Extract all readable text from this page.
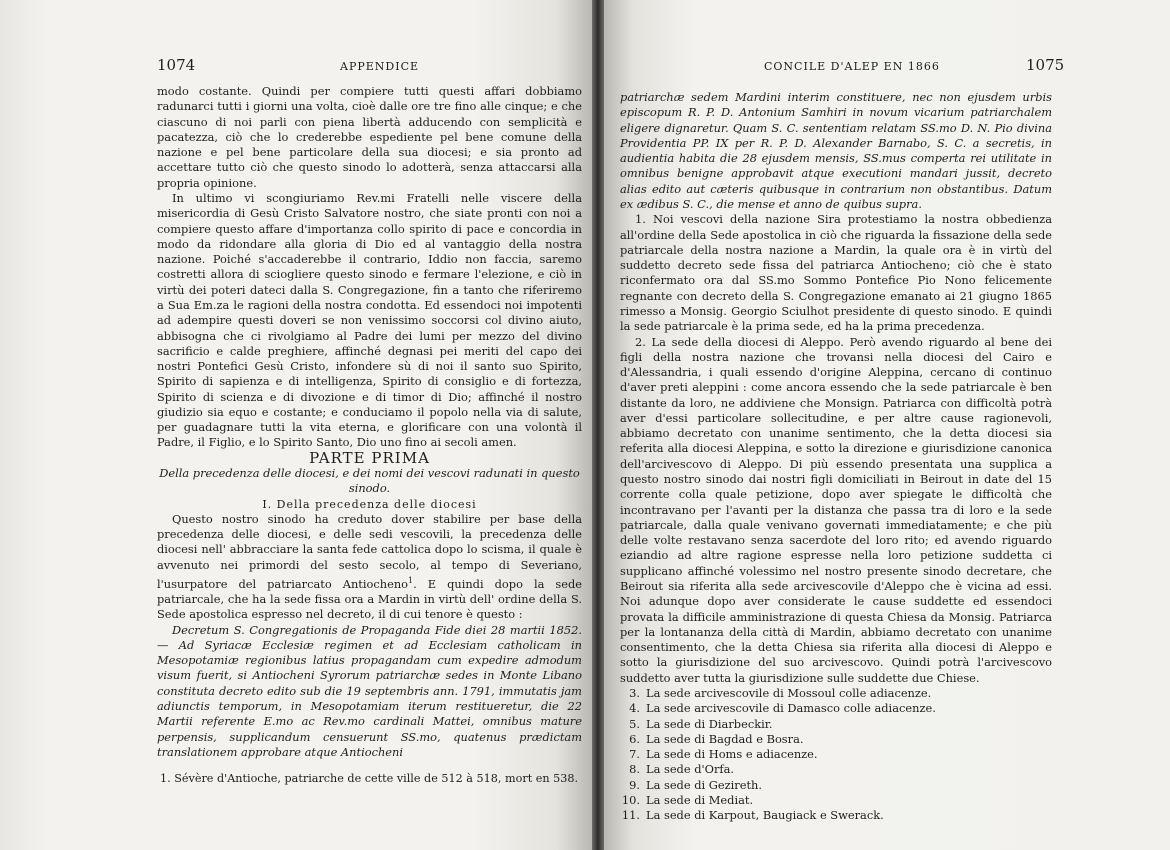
1074	APPENDICE

modo costante. Quindi per compiere tutti questi affari dobbiamo radunarci tutti i giorni una volta, cioè dalle ore tre fino alle cinque; e che ciascuno di noi parli con piena libertà adducendo con semplicità e pacatezza, ciò che lo crederebbe espediente pel bene comune della nazione e pel bene particolare della sua diocesi; e sia pronto ad accettare tutto ciò che questo sinodo lo adotterà, senza attaccarsi alla propria opinione.

In ultimo vi scongiuriamo Rev.mi Fratelli nelle viscere della misericordia di Gesù Cristo Salvatore nostro, che siate pronti con noi a compiere questo affare d'importanza collo spirito di pace e concordia in modo da ridondare alla gloria di Dio ed al vantaggio della nostra nazione. Poiché s'accaderebbe il contrario, Iddio non faccia, saremo costretti allora di sciogliere questo sinodo e fermare l'elezione, e ciò in virtù dei poteri dateci dalla S. Congregazione, fin a tanto che riferiremo a Sua Em.za le ragioni della nostra condotta. Ed essendoci noi impotenti ad adempire questi doveri se non venissimo soccorsi col divino aiuto, abbisogna che ci rivolgiamo al Padre dei lumi per mezzo del divino sacrificio e calde preghiere, affinché degnasi pei meriti del capo dei nostri Pontefici Gesù Cristo, infondere sù di noi il santo suo Spirito, Spirito di sapienza e di intelligenza, Spirito di consiglio e di fortezza, Spirito di scienza e di divozione e di timor di Dio; affinché il nostro giudizio sia equo e costante; e conduciamo il popolo nella via di salute, per guadagnare tutti la vita eterna, e glorificare con una volontà il Padre, il Figlio, e lo Spirito Santo, Dio uno fino ai secoli amen.

PARTE PRIMA

Della precedenza delle diocesi, e dei nomi dei vescovi radunati in questo sinodo.

I. Della precedenza delle diocesi

Questo nostro sinodo ha creduto dover stabilire per base della precedenza delle diocesi, e delle sedi vescovili, la precedenza delle diocesi nell' abbracciare la santa fede cattolica dopo lo scisma, il quale è avvenuto nei primordi del sesto secolo, al tempo di Severiano, l'usurpatore del patriarcato Antiocheno$^1$. E quindi dopo la sede patriarcale, che ha la sede fissa ora a Mardin in virtù dell' ordine della S. Sede apostolica espresso nel decreto, il di cui tenore è questo :

Decretum S. Congregationis de Propaganda Fide diei 28 martii 1852. — Ad Syriacæ Ecclesiæ regimen et ad Ecclesiam catholicam in Mesopotamiæ regionibus latius propagandam cum expedire admodum visum fuerit, si Antiocheni Syrorum patriarchæ sedes in Monte Libano constituta decreto edito sub die 19 septembris ann. 1791, immutatis jam adiunctis temporum, in Mesopotamiam iterum restitueretur, die 22 Martii referente E.mo ac Rev.mo cardinali Mattei, omnibus mature perpensis, supplicandum censuerunt SS.mo, quatenus prædictam translationem approbare atque Antiocheni

1. Sévère d'Antioche, patriarche de cette ville de 512 à 518, mort en 538.
CONCILE D'ALEP EN 1866	1075

patriarchæ sedem Mardini interim constituere, nec non ejusdem urbis episcopum R. P. D. Antonium Samhiri in novum vicarium patriarchalem eligere dignaretur. Quam S. C. sententiam relatam SS.mo D. N. Pio divina Providentia PP. IX per R. P. D. Alexander Barnabo, S. C. a secretis, in audientia habita die 28 ejusdem mensis, SS.mus comperta rei utilitate in omnibus benigne approbavit atque executioni mandari jussit, decreto alias edito aut cæteris quibusque in contrarium non obstantibus. Datum ex ædibus S. C., die mense et anno de quibus supra.

1. Noi vescovi della nazione Sira protestiamo la nostra obbedienza all'ordine della Sede apostolica in ciò che riguarda la fissazione della sede patriarcale della nostra nazione a Mardin, la quale ora è in virtù del suddetto decreto sede fissa del patriarca Antiocheno; ciò che è stato riconfermato ora dal SS.mo Sommo Pontefice Pio Nono felicemente regnante con decreto della S. Congregazione emanato ai 21 giugno 1865 rimesso a Monsig. Georgio Sciulhot presidente di questo sinodo. E quindi la sede patriarcale è la prima sede, ed ha la prima precedenza.

2. La sede della diocesi di Aleppo. Però avendo riguardo al bene dei figli della nostra nazione che trovansi nella diocesi del Cairo e d'Alessandria, i quali essendo d'origine Aleppina, cercano di continuo d'aver preti aleppini : come ancora essendo che la sede patriarcale è ben distante da loro, ne addiviene che Monsign. Patriarca con difficoltà potrà aver d'essi particolare sollecitudine, e per altre cause ragionevoli, abbiamo decretato con unanime sentimento, che la detta diocesi sia referita alla diocesi Aleppina, e sotto la direzione e giurisdizione canonica dell'arcivescovo di Aleppo. Di più essendo presentata una supplica a questo nostro sinodo dai nostri figli domiciliati in Beirout in date del 15 corrente colla quale petizione, dopo aver spiegate le difficoltà che incontravano per l'avanti per la distanza che passa tra di loro e la sede patriarcale, dalla quale venivano governati immediatamente; e che più delle volte restavano senza sacerdote del loro rito; ed avendo riguardo eziandio ad altre ragione espresse nella loro petizione suddetta ci supplicano affinché volessimo nel nostro presente sinodo decretare, che Beirout sia riferita alla sede arcivescovile d'Aleppo che è vicina ad essi. Noi adunque dopo aver considerate le cause suddette ed essendoci provata la difficile amministrazione di questa Chiesa da Monsig. Patriarca per la lontananza della città di Mardin, abbiamo decretato con unanime consentimento, che la detta Chiesa sia riferita alla diocesi di Aleppo e sotto la giurisdizione del suo arcivescovo. Quindi potrà l'arcivescovo suddetto aver tutta la giurisdizione sulle suddette due Chiese.

3. La sede arcivescovile di Mossoul colle adiacenze.
4. La sede arcivescovile di Damasco colle adiacenze.
5. La sede di Diarbeckir.
6. La sede di Bagdad e Bosra.
7. La sede di Homs e adiacenze.
8. La sede d'Orfa.
9. La sede di Gezireth.
10. La sede di Mediat.
11. La sede di Karpout, Baugiack e Swerack.
